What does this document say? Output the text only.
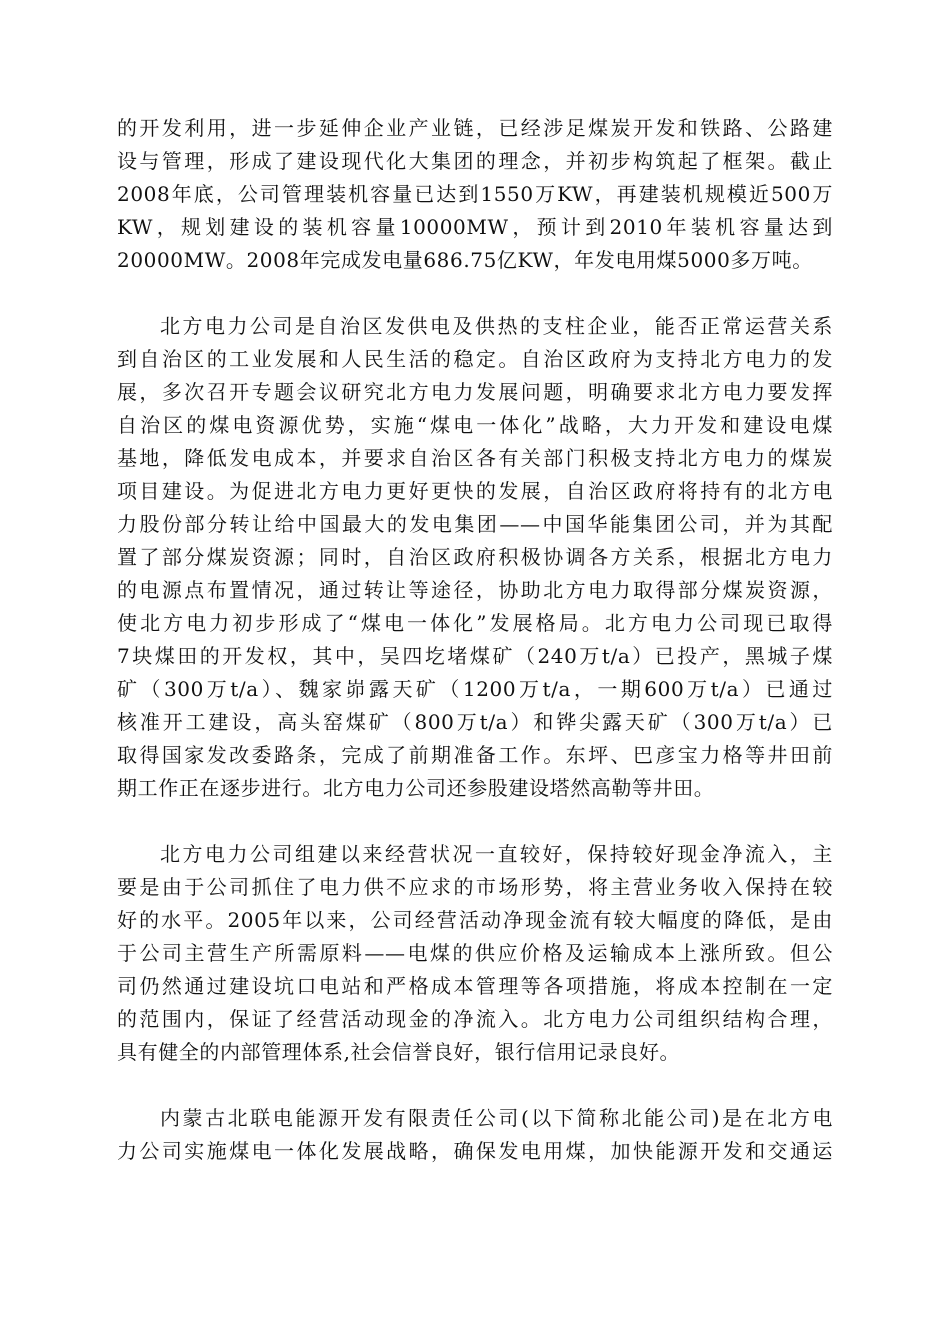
的开发利用，进一步延伸企业产业链，已经涉足煤炭开发和铁路、公路建

设与管理，形成了建设现代化大集团的理念，并初步构筑起了框架。截止

2008年底，公司管理装机容量已达到1550万KW，再建装机规模近500万

KW，规划建设的装机容量10000MW，预计到2010年装机容量达到

20000MW。2008年完成发电量686.75亿KW，年发电用煤5000多万吨。

北方电力公司是自治区发供电及供热的支柱企业，能否正常运营关系

到自治区的工业发展和人民生活的稳定。自治区政府为支持北方电力的发

展，多次召开专题会议研究北方电力发展问题，明确要求北方电力要发挥

自治区的煤电资源优势，实施“煤电一体化”战略，大力开发和建设电煤

基地，降低发电成本，并要求自治区各有关部门积极支持北方电力的煤炭

项目建设。为促进北方电力更好更快的发展，自治区政府将持有的北方电

力股份部分转让给中国最大的发电集团——中国华能集团公司，并为其配

置了部分煤炭资源；同时，自治区政府积极协调各方关系，根据北方电力

的电源点布置情况，通过转让等途径，协助北方电力取得部分煤炭资源，

使北方电力初步形成了“煤电一体化”发展格局。北方电力公司现已取得

7块煤田的开发权，其中，吴四圪堵煤矿（240万t/a）已投产，黑城子煤

矿（300万t/a）、魏家峁露天矿（1200万t/a，一期600万t/a）已通过

核准开工建设，高头窑煤矿（800万t/a）和铧尖露天矿（300万t/a）已

取得国家发改委路条，完成了前期准备工作。东坪、巴彦宝力格等井田前

期工作正在逐步进行。北方电力公司还参股建设塔然高勒等井田。

北方电力公司组建以来经营状况一直较好，保持较好现金净流入，主

要是由于公司抓住了电力供不应求的市场形势，将主营业务收入保持在较

好的水平。2005年以来，公司经营活动净现金流有较大幅度的降低，是由

于公司主营生产所需原料——电煤的供应价格及运输成本上涨所致。但公

司仍然通过建设坑口电站和严格成本管理等各项措施，将成本控制在一定

的范围内，保证了经营活动现金的净流入。北方电力公司组织结构合理，

具有健全的内部管理体系,社会信誉良好，银行信用记录良好。

内蒙古北联电能源开发有限责任公司(以下简称北能公司)是在北方电

力公司实施煤电一体化发展战略，确保发电用煤，加快能源开发和交通运
